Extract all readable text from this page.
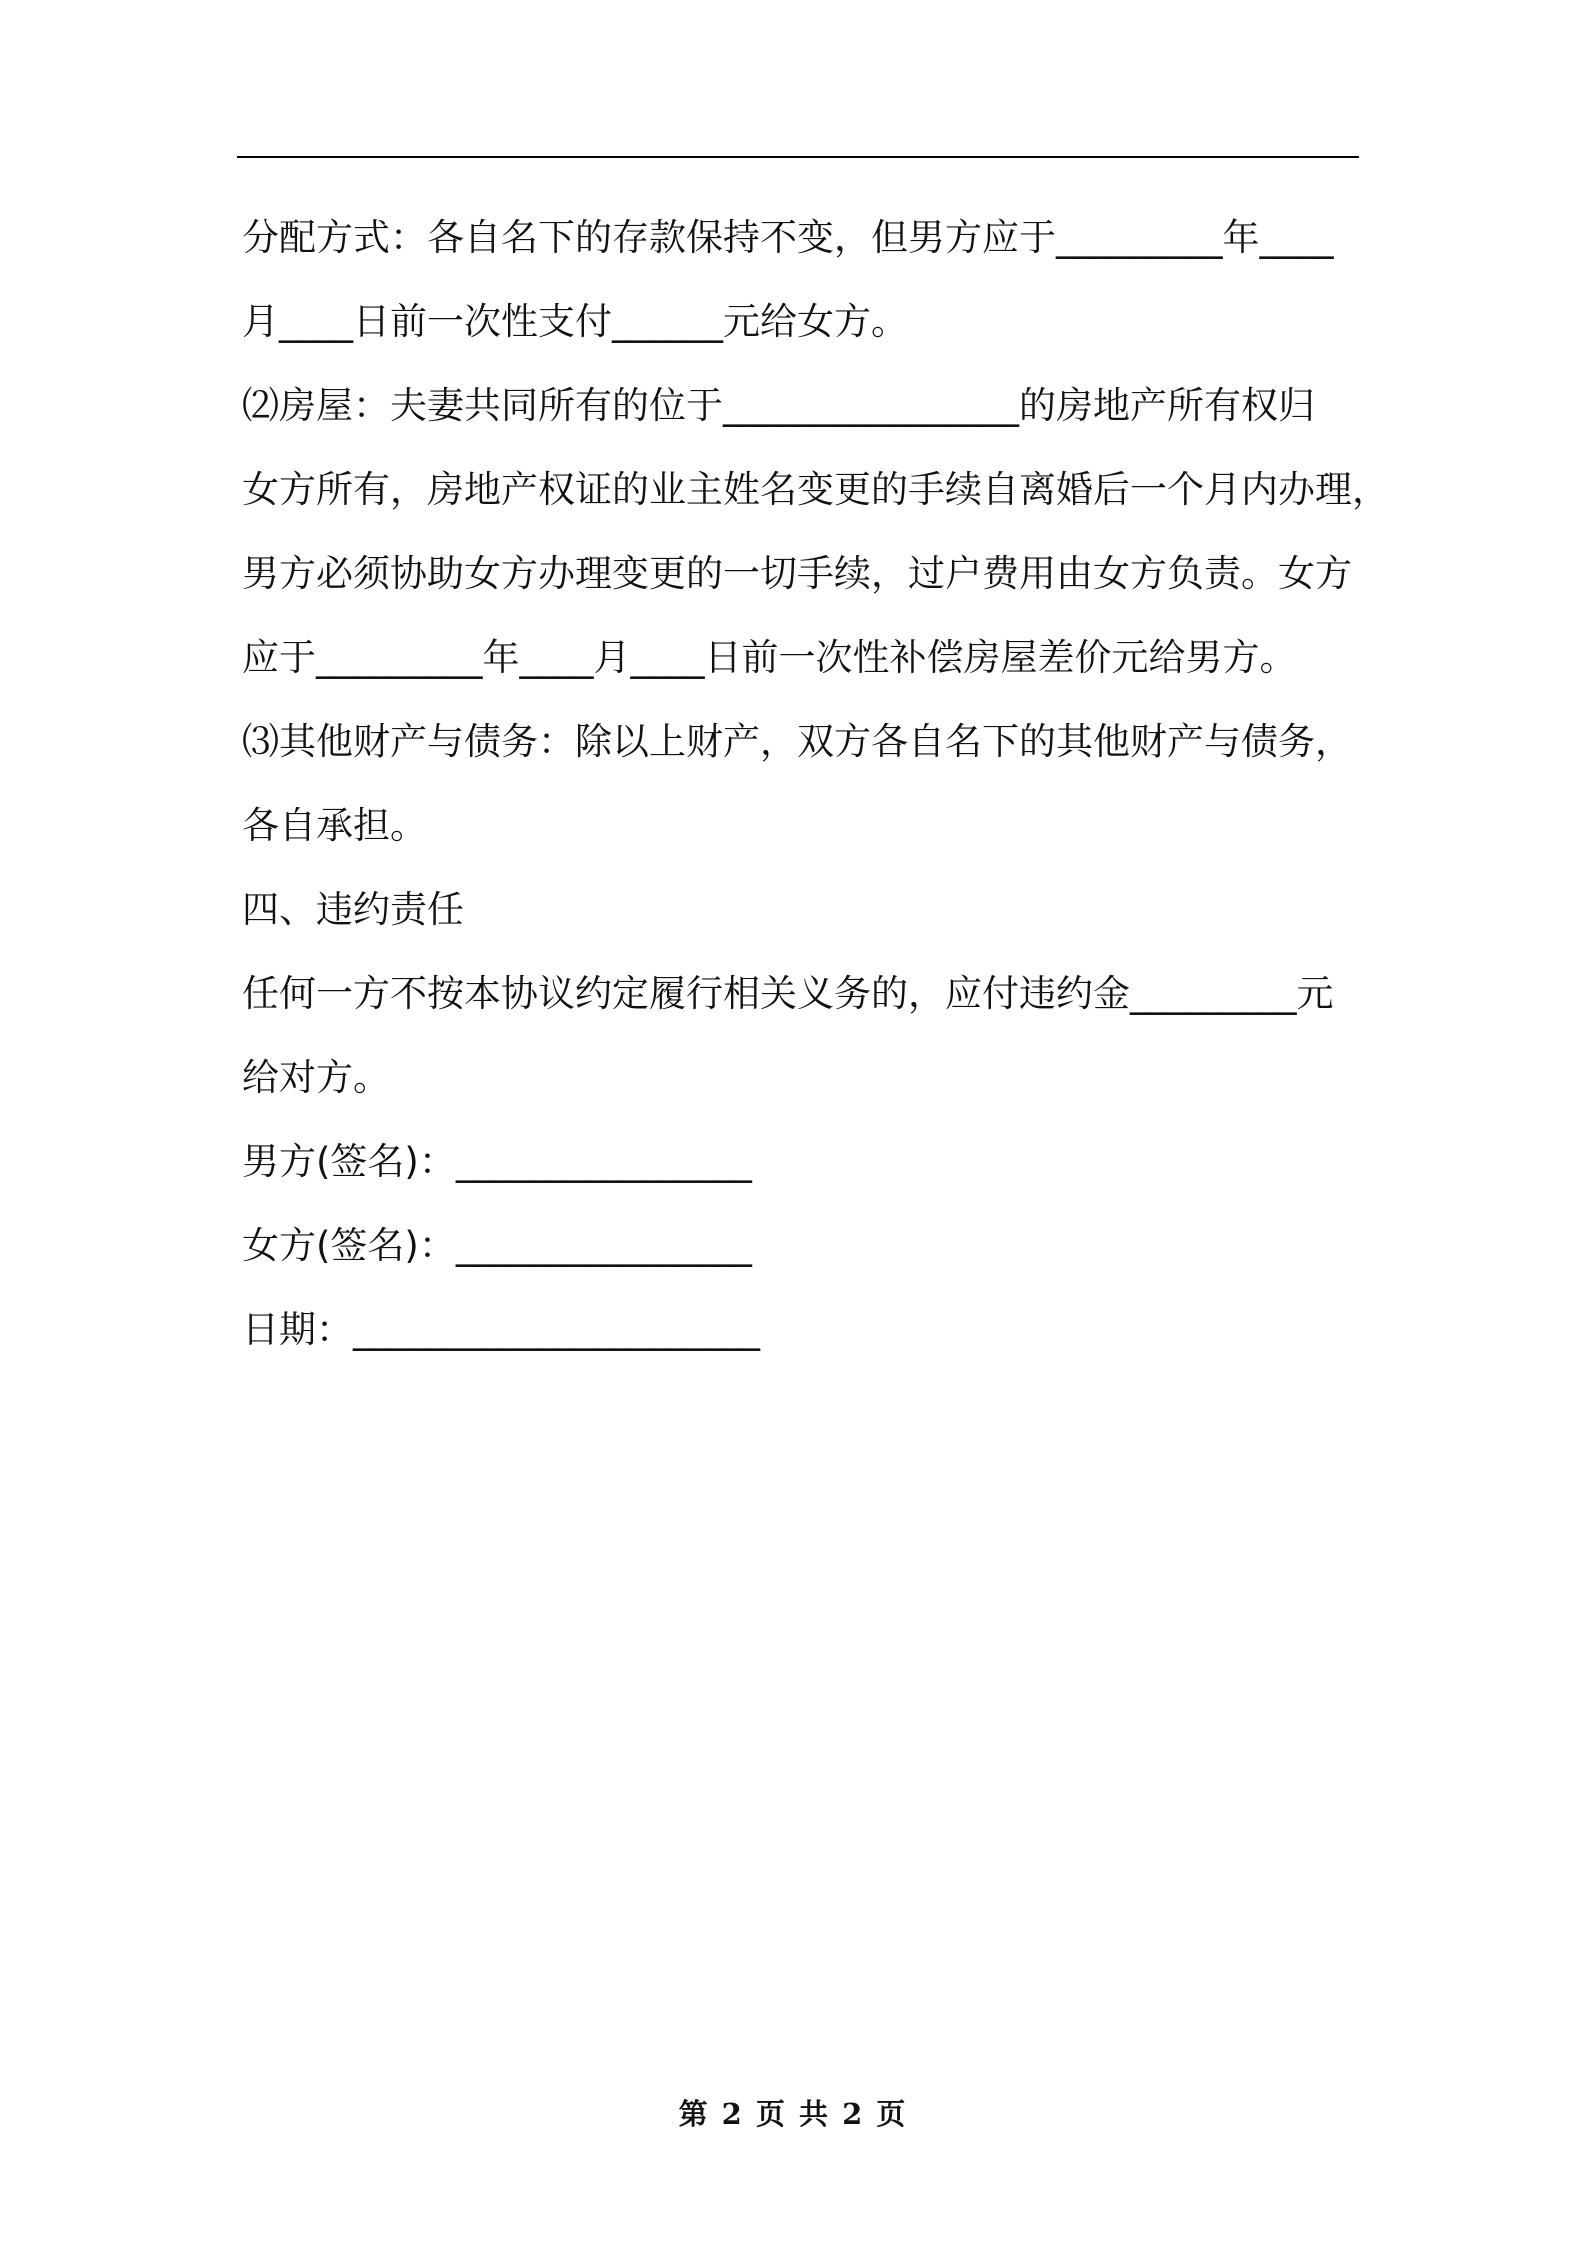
分配方式：各自名下的存款保持不变，但男方应于_________年____
月____日前一次性支付______元给女方。
⑵房屋：夫妻共同所有的位于________________的房地产所有权归
女方所有，房地产权证的业主姓名变更的手续自离婚后一个月内办理，
男方必须协助女方办理变更的一切手续，过户费用由女方负责。女方
应于_________年____月____日前一次性补偿房屋差价元给男方。
⑶其他财产与债务：除以上财产，双方各自名下的其他财产与债务，
各自承担。
四、违约责任
任何一方不按本协议约定履行相关义务的，应付违约金_________元
给对方。
男方(签名)：________________
女方(签名)：________________
日期：______________________
第 2 页 共 2 页
